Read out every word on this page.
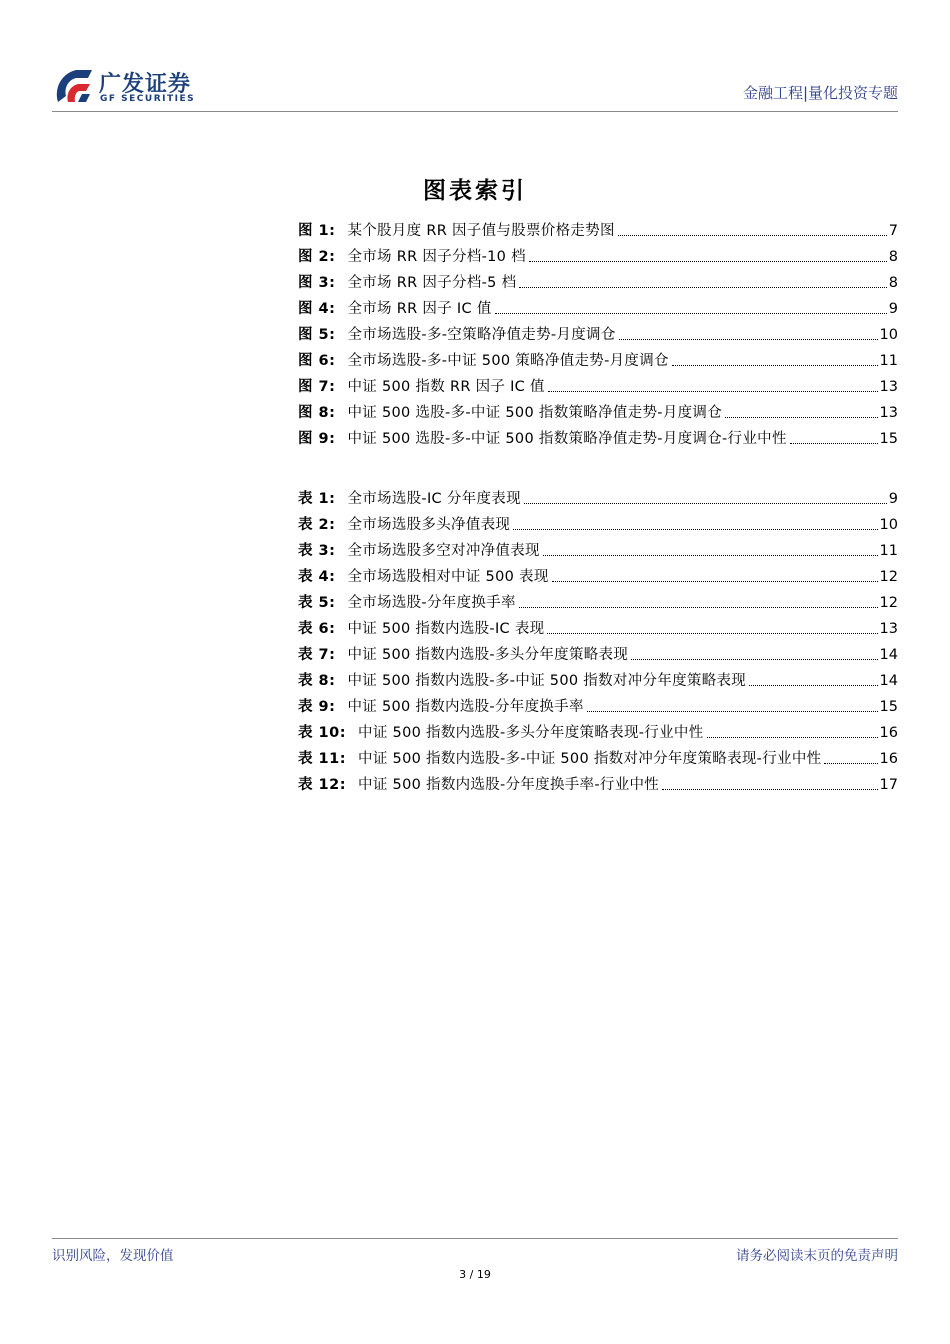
广发证券
GF SECURITIES	金融工程|量化投资专题
图表索引
图 1: 某个股月度 RR 因子值与股票价格走势图	7
图 2: 全市场 RR 因子分档-10 档	8
图 3: 全市场 RR 因子分档-5 档	8
图 4: 全市场 RR 因子 IC 值	9
图 5: 全市场选股-多-空策略净值走势-月度调仓	10
图 6: 全市场选股-多-中证 500 策略净值走势-月度调仓	11
图 7: 中证 500 指数 RR 因子 IC 值	13
图 8: 中证 500 选股-多-中证 500 指数策略净值走势-月度调仓	13
图 9: 中证 500 选股-多-中证 500 指数策略净值走势-月度调仓-行业中性	15
表 1: 全市场选股-IC 分年度表现	9
表 2: 全市场选股多头净值表现	10
表 3: 全市场选股多空对冲净值表现	11
表 4: 全市场选股相对中证 500 表现	12
表 5: 全市场选股-分年度换手率	12
表 6: 中证 500 指数内选股-IC 表现	13
表 7: 中证 500 指数内选股-多头分年度策略表现	14
表 8: 中证 500 指数内选股-多-中证 500 指数对冲分年度策略表现	14
表 9: 中证 500 指数内选股-分年度换手率	15
表 10: 中证 500 指数内选股-多头分年度策略表现-行业中性	16
表 11: 中证 500 指数内选股-多-中证 500 指数对冲分年度策略表现-行业中性	16
表 12: 中证 500 指数内选股-分年度换手率-行业中性	17
识别风险，发现价值	请务必阅读末页的免责声明
3 / 19
